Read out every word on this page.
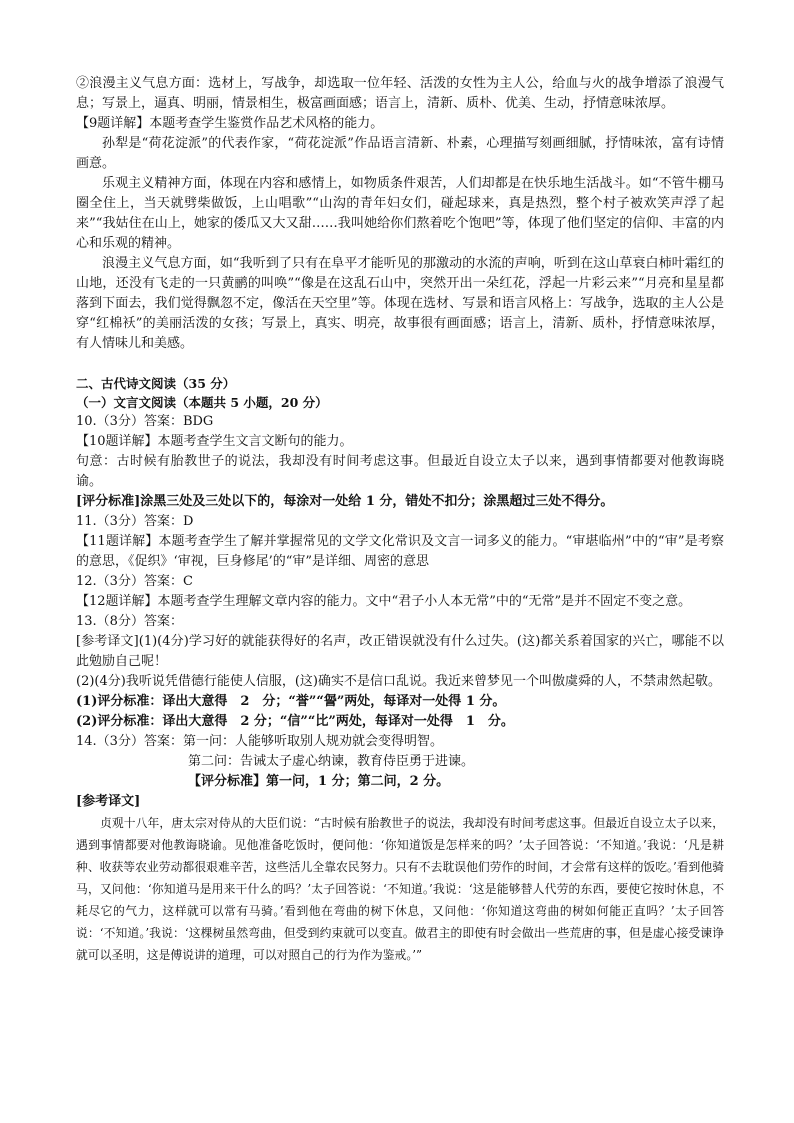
②浪漫主义气息方面：选材上，写战争，却选取一位年轻、活泼的女性为主人公，给血与火的战争增添了浪漫气息；写景上，逼真、明丽，情景相生，极富画面感；语言上，清新、质朴、优美、生动，抒情意味浓厚。

【9题详解】本题考查学生鉴赏作品艺术风格的能力。

孙犁是“荷花淀派”的代表作家，“荷花淀派”作品语言清新、朴素，心理描写刻画细腻，抒情味浓，富有诗情画意。

乐观主义精神方面，体现在内容和感情上，如物质条件艰苦，人们却都是在快乐地生活战斗。如“不管牛棚马圈全住上，当天就劈柴做饭，上山唱歌”“山沟的青年妇女们，碰起球来，真是热烈，整个村子被欢笑声浮了起来”“我姑住在山上，她家的倭瓜又大又甜……我叫她给你们熬着吃个饱吧”等，体现了他们坚定的信仰、丰富的内心和乐观的精神。

浪漫主义气息方面，如“我听到了只有在阜平才能听见的那激动的水流的声响，听到在这山草衰白柿叶霜红的山地，还没有飞走的一只黄鹂的叫唤”“像是在这乱石山中，突然开出一朵红花，浮起一片彩云来”“月亮和星星都落到下面去，我们觉得飘忽不定，像活在天空里”等。体现在选材、写景和语言风格上：写战争，选取的主人公是穿“红棉袄”的美丽活泼的女孩；写景上，真实、明亮，故事很有画面感；语言上，清新、质朴，抒情意味浓厚，有人情味儿和美感。

二、古代诗文阅读（35 分）

（一）文言文阅读（本题共 5 小题，20 分）

10.（3分）答案：BDG

【10题详解】本题考查学生文言文断句的能力。

句意：古时候有胎教世子的说法，我却没有时间考虑这事。但最近自设立太子以来，遇到事情都要对他教诲晓谕。

[评分标准]涂黑三处及三处以下的，每涂对一处给 1 分，错处不扣分；涂黑超过三处不得分。

11.（3分）答案：D

【11题详解】本题考查学生了解并掌握常见的文学文化常识及文言一词多义的能力。“审堪临州”中的“审”是考察的意思，《促织》‘审视，巨身修尾’的“审”是详细、周密的意思

12.（3分）答案：C

【12题详解】本题考查学生理解文章内容的能力。文中“君子小人本无常”中的“无常”是并不固定不变之意。

13.（8分）答案：

[参考译文](1)(4分)学习好的就能获得好的名声，改正错误就没有什么过失。(这)都关系着国家的兴亡，哪能不以此勉励自己呢！

(2)(4分)我听说凭借德行能使人信服，(这)确实不是信口乱说。我近来曾梦见一个叫傲虞舜的人，不禁肃然起敬。

(1)评分标准：译出大意得　2　分；“誉”“諐”两处，每译对一处得 1 分。

(2)评分标准：译出大意得　2 分；“信”“比”两处，每译对一处得　1　分。

14.（3分）答案：第一问：人能够听取别人规劝就会变得明智。

第二问：告诫太子虚心纳谏，教育侍臣勇于进谏。

【评分标准】第一问，1 分；第二问，2 分。

[参考译文]

贞观十八年，唐太宗对侍从的大臣们说：“古时候有胎教世子的说法，我却没有时间考虑这事。但最近自设立太子以来，遇到事情都要对他教诲晓谕。见他准备吃饭时，便问他：‘你知道饭是怎样来的吗？’太子回答说：‘不知道。’我说：‘凡是耕种、收获等农业劳动都很艰难辛苦，这些活儿全靠农民努力。只有不去耽误他们劳作的时间，才会常有这样的饭吃。’看到他骑马，又问他：‘你知道马是用来干什么的吗？’太子回答说：‘不知道。’我说：‘这是能够替人代劳的东西，要使它按时休息，不耗尽它的气力，这样就可以常有马骑。’看到他在弯曲的树下休息，又问他：‘你知道这弯曲的树如何能正直吗？’太子回答说：‘不知道。’我说：‘这棵树虽然弯曲，但受到约束就可以变直。做君主的即使有时会做出一些荒唐的事，但是虚心接受谏诤就可以圣明，这是傅说讲的道理，可以对照自己的行为作为鉴戒。’”
